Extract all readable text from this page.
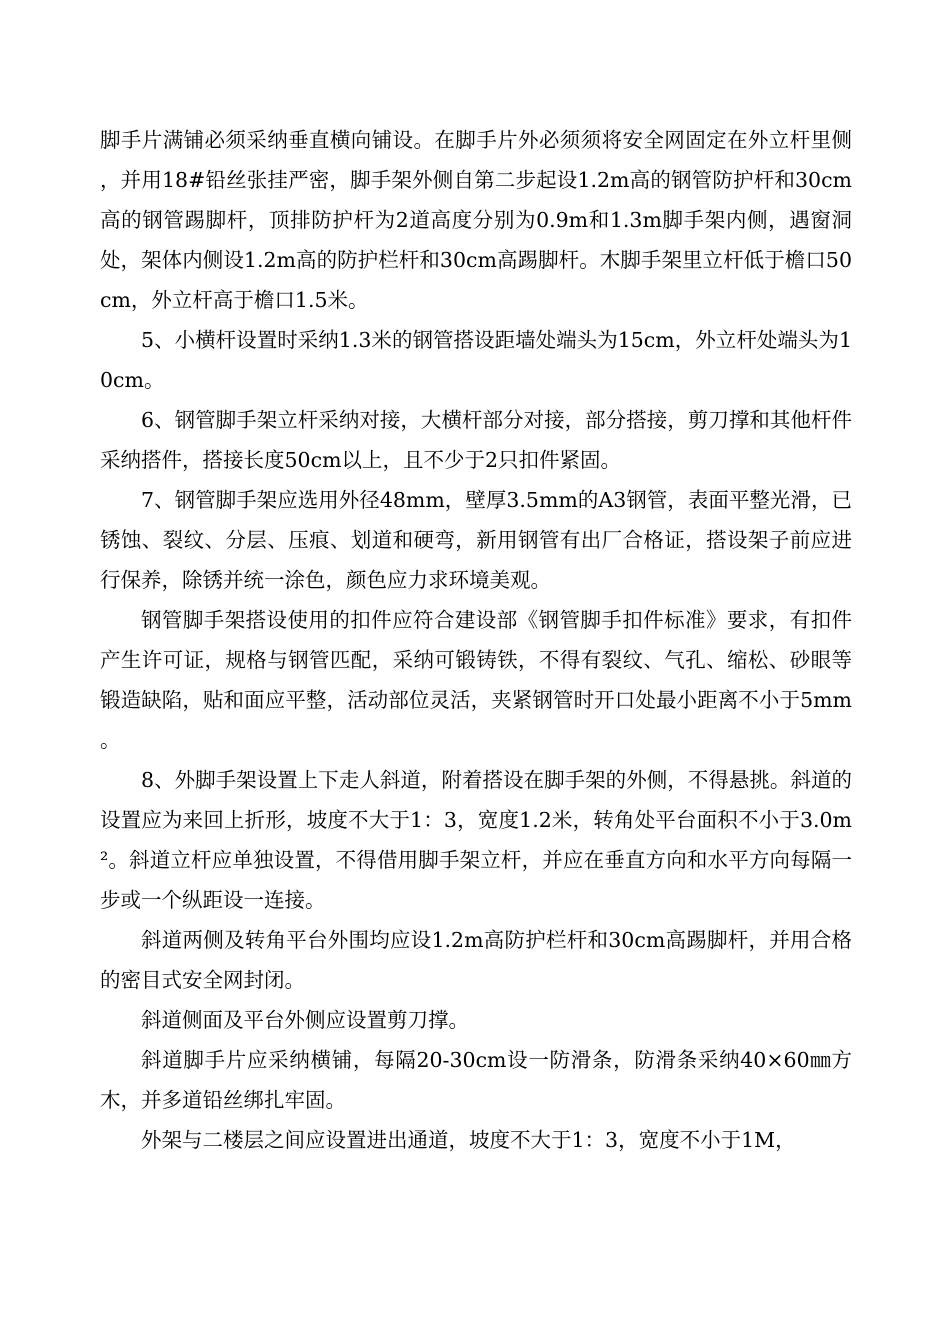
脚手片满铺必须采纳垂直横向铺设。在脚手片外必须须将安全网固定在外立杆里侧，并用18#铅丝张挂严密，脚手架外侧自第二步起设1.2m高的钢管防护杆和30cm高的钢管踢脚杆，顶排防护杆为2道高度分别为0.9m和1.3m脚手架内侧，遇窗洞处，架体内侧设1.2m高的防护栏杆和30cm高踢脚杆。木脚手架里立杆低于檐口50cm，外立杆高于檐口1.5米。

5、小横杆设置时采纳1.3米的钢管搭设距墙处端头为15cm，外立杆处端头为10cm。

6、钢管脚手架立杆采纳对接，大横杆部分对接，部分搭接，剪刀撑和其他杆件采纳搭件，搭接长度50cm以上，且不少于2只扣件紧固。

7、钢管脚手架应选用外径48mm，壁厚3.5mm的A3钢管，表面平整光滑，已锈蚀、裂纹、分层、压痕、划道和硬弯，新用钢管有出厂合格证，搭设架子前应进行保养，除锈并统一涂色，颜色应力求环境美观。

钢管脚手架搭设使用的扣件应符合建设部《钢管脚手扣件标准》要求，有扣件产生许可证，规格与钢管匹配，采纳可锻铸铁，不得有裂纹、气孔、缩松、砂眼等锻造缺陷，贴和面应平整，活动部位灵活，夹紧钢管时开口处最小距离不小于5mm。

8、外脚手架设置上下走人斜道，附着搭设在脚手架的外侧，不得悬挑。斜道的设置应为来回上折形，坡度不大于1：3，宽度1.2米，转角处平台面积不小于3.0m²。斜道立杆应单独设置，不得借用脚手架立杆，并应在垂直方向和水平方向每隔一步或一个纵距设一连接。

斜道两侧及转角平台外围均应设1.2m高防护栏杆和30cm高踢脚杆，并用合格的密目式安全网封闭。

斜道侧面及平台外侧应设置剪刀撑。

斜道脚手片应采纳横铺，每隔20-30cm设一防滑条，防滑条采纳40×60㎜方木，并多道铅丝绑扎牢固。

外架与二楼层之间应设置进出通道，坡度不大于1：3，宽度不小于1M，
